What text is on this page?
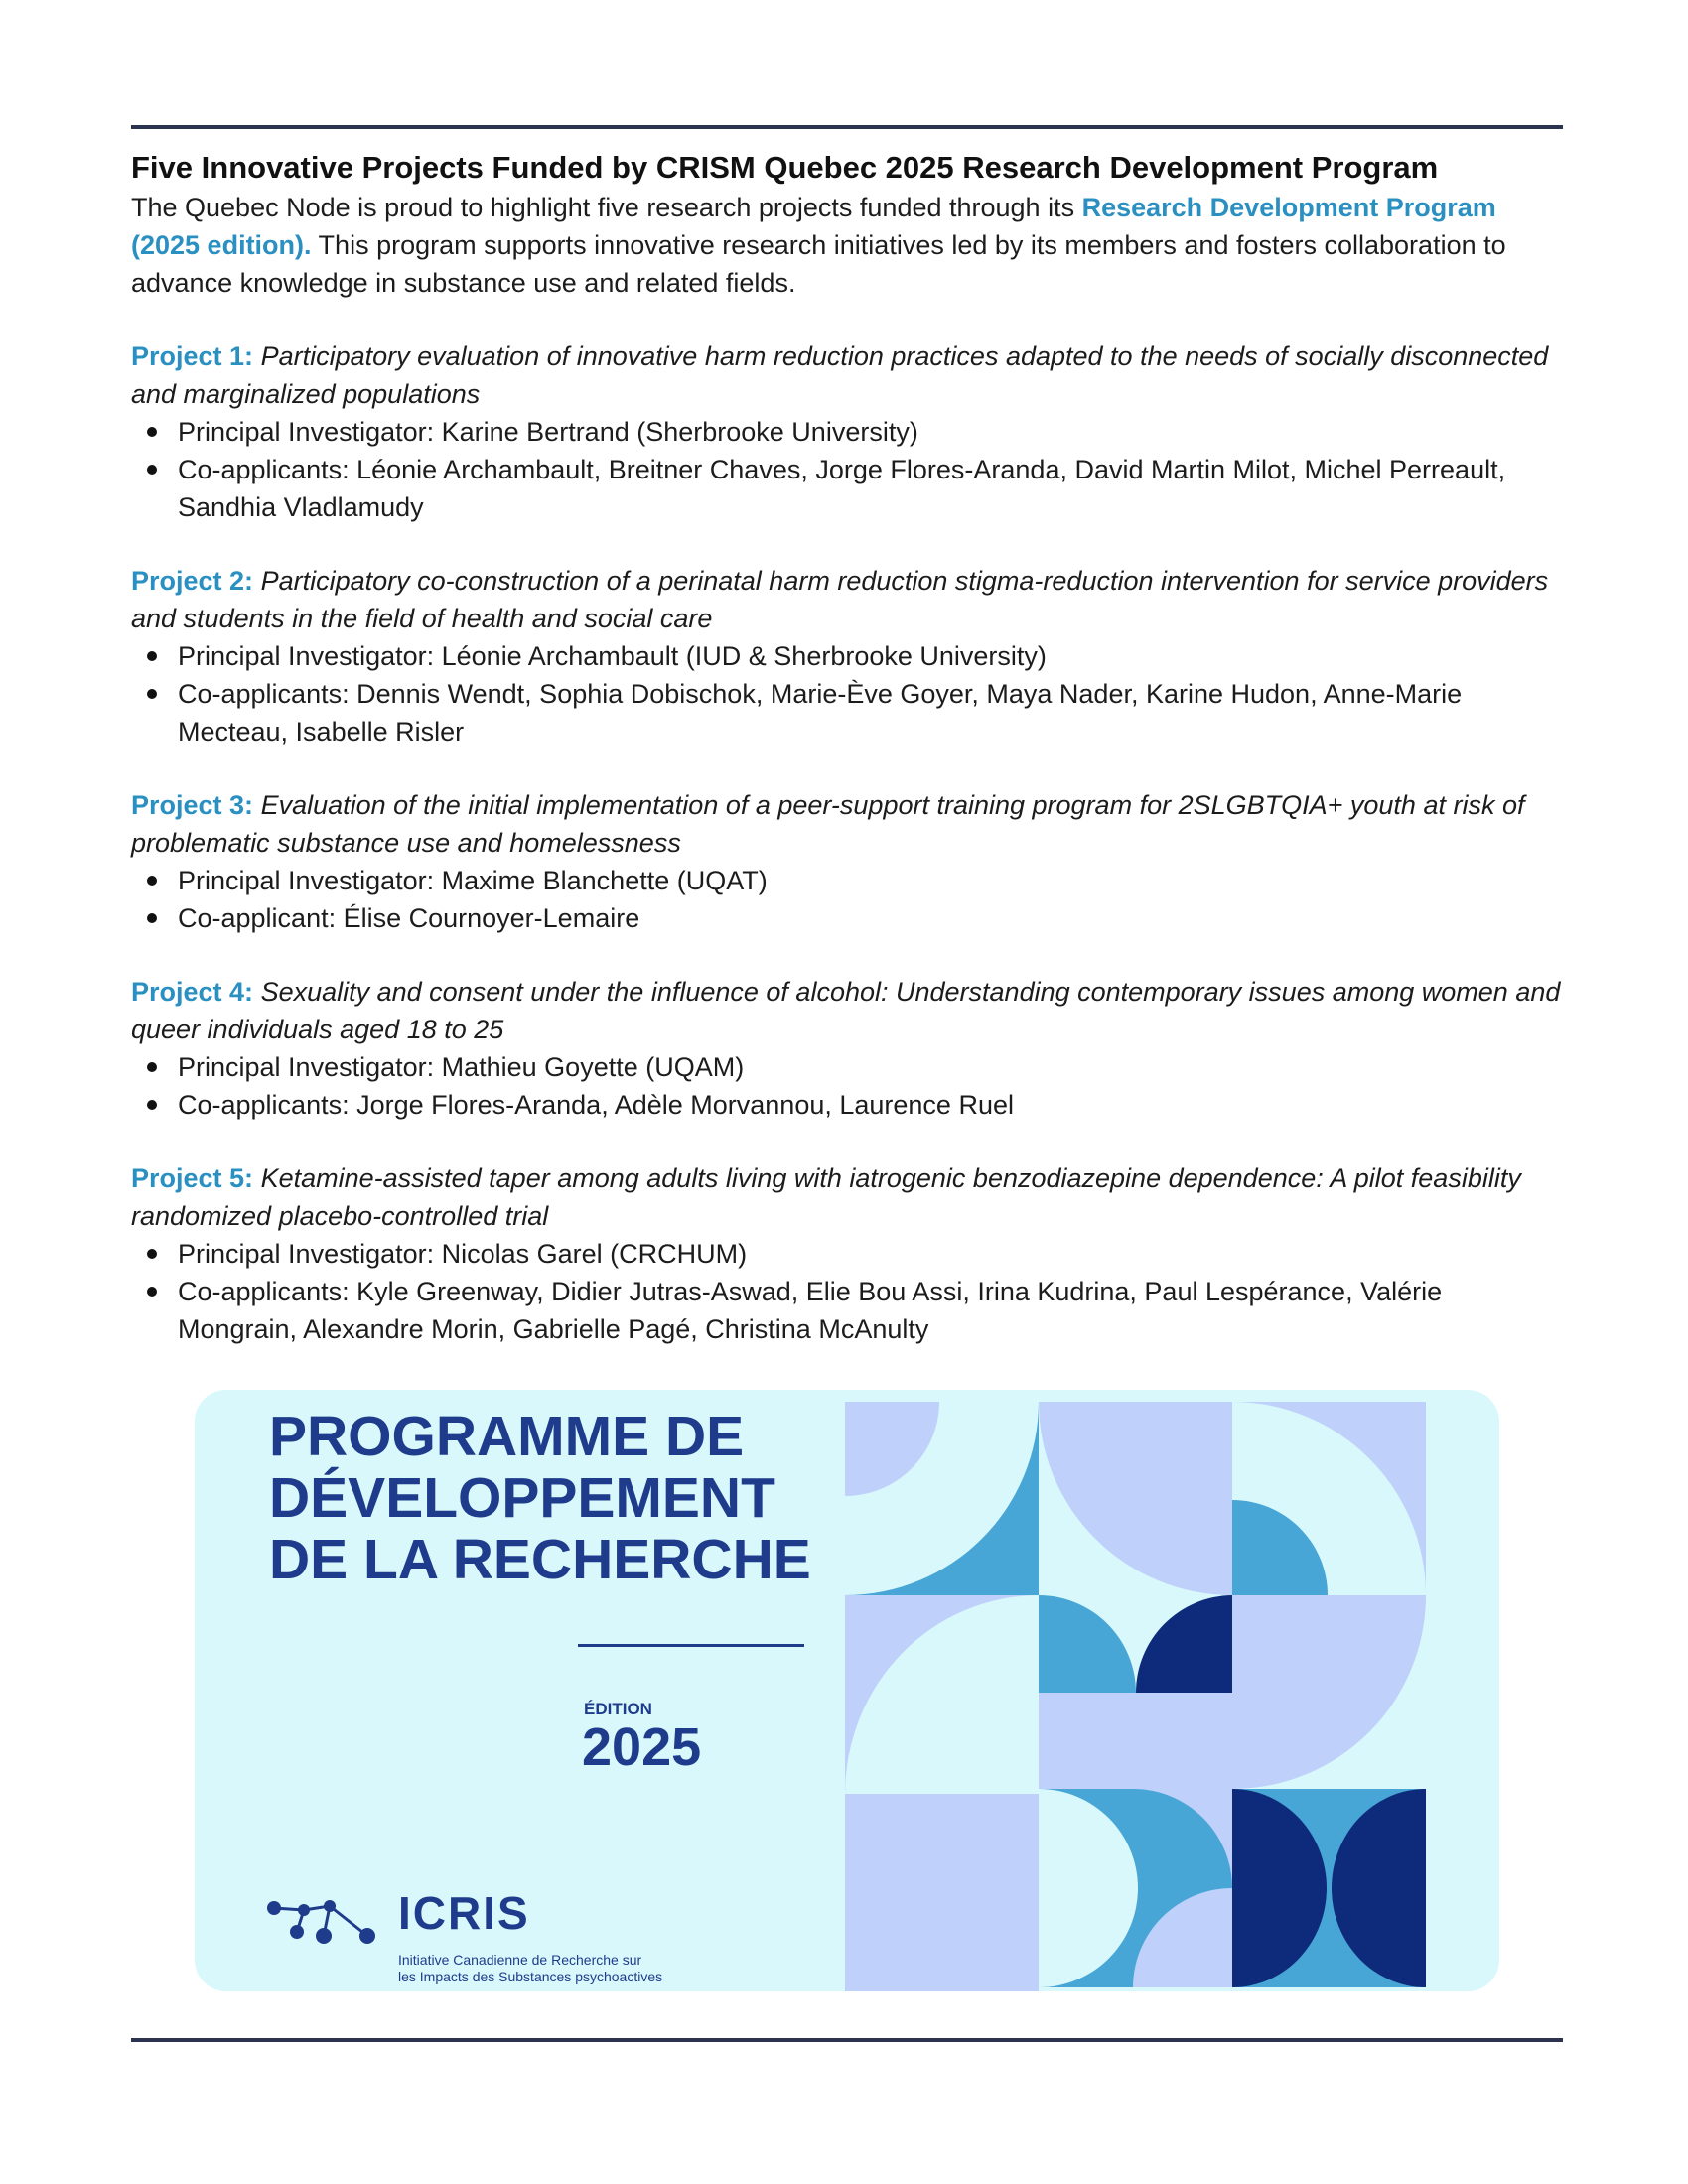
Five Innovative Projects Funded by CRISM Quebec 2025 Research Development Program

The Quebec Node is proud to highlight five research projects funded through its Research Development Program (2025 edition). This program supports innovative research initiatives led by its members and fosters collaboration to advance knowledge in substance use and related fields.

Project 1: Participatory evaluation of innovative harm reduction practices adapted to the needs of socially disconnected and marginalized populations

Principal Investigator: Karine Bertrand (Sherbrooke University)
Co-applicants: Léonie Archambault, Breitner Chaves, Jorge Flores-Aranda, David Martin Milot, Michel Perreault, Sandhia Vladlamudy

Project 2: Participatory co-construction of a perinatal harm reduction stigma-reduction intervention for service providers and students in the field of health and social care

Principal Investigator: Léonie Archambault (IUD & Sherbrooke University)
Co-applicants: Dennis Wendt, Sophia Dobischok, Marie-Ève Goyer, Maya Nader, Karine Hudon, Anne-Marie Mecteau, Isabelle Risler

Project 3: Evaluation of the initial implementation of a peer-support training program for 2SLGBTQIA+ youth at risk of problematic substance use and homelessness

Principal Investigator: Maxime Blanchette (UQAT)
Co-applicant: Élise Cournoyer-Lemaire

Project 4: Sexuality and consent under the influence of alcohol: Understanding contemporary issues among women and queer individuals aged 18 to 25

Principal Investigator: Mathieu Goyette (UQAM)
Co-applicants: Jorge Flores-Aranda, Adèle Morvannou, Laurence Ruel

Project 5: Ketamine-assisted taper among adults living with iatrogenic benzodiazepine dependence: A pilot feasibility randomized placebo-controlled trial

Principal Investigator: Nicolas Garel (CRCHUM)
Co-applicants: Kyle Greenway, Didier Jutras-Aswad, Elie Bou Assi, Irina Kudrina, Paul Lespérance, Valérie Mongrain, Alexandre Morin, Gabrielle Pagé, Christina McAnulty
PROGRAMME DE
DÉVELOPPEMENT
DE LA RECHERCHE
ÉDITION
2025
ICRIS
Initiative Canadienne de Recherche sur
les Impacts des Substances psychoactives
